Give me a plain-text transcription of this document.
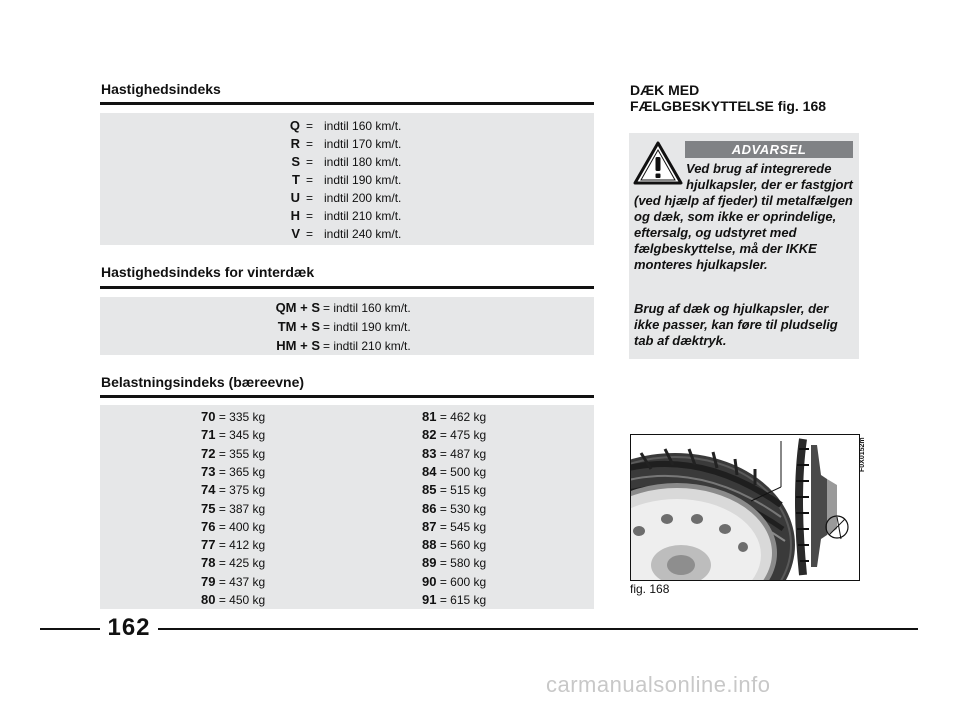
Hastighedsindeks
Q = indtil 160 km/t.
R = indtil 170 km/t.
S = indtil 180 km/t.
T = indtil 190 km/t.
U = indtil 200 km/t.
H = indtil 210 km/t.
V = indtil 240 km/t.
Hastighedsindeks for vinterdæk
QM + S = indtil 160 km/t.
TM + S = indtil 190 km/t.
HM + S = indtil 210 km/t.
Belastningsindeks (bæreevne)
70 = 335 kg
71 = 345 kg
72 = 355 kg
73 = 365 kg
74 = 375 kg
75 = 387 kg
76 = 400 kg
77 = 412 kg
78 = 425 kg
79 = 437 kg
80 = 450 kg
81 = 462 kg
82 = 475 kg
83 = 487 kg
84 = 500 kg
85 = 515 kg
86 = 530 kg
87 = 545 kg
88 = 560 kg
89 = 580 kg
90 = 600 kg
91 = 615 kg
DÆK MED
FÆLGBESKYTTELSE fig. 168
ADVARSEL

Ved brug af integrerede hjulkapsler, der er fastgjort (ved hjælp af fjeder) til metalfælgen og dæk, som ikke er oprindelige, eftersalg, og udstyret med fælgbeskyttelse, må der IKKE monteres hjulkapsler.

Brug af dæk og hjulkapsler, der ikke passer, kan føre til pludselig tab af dæktryk.

F0X0152m
fig. 168
162
carmanualsonline.info
